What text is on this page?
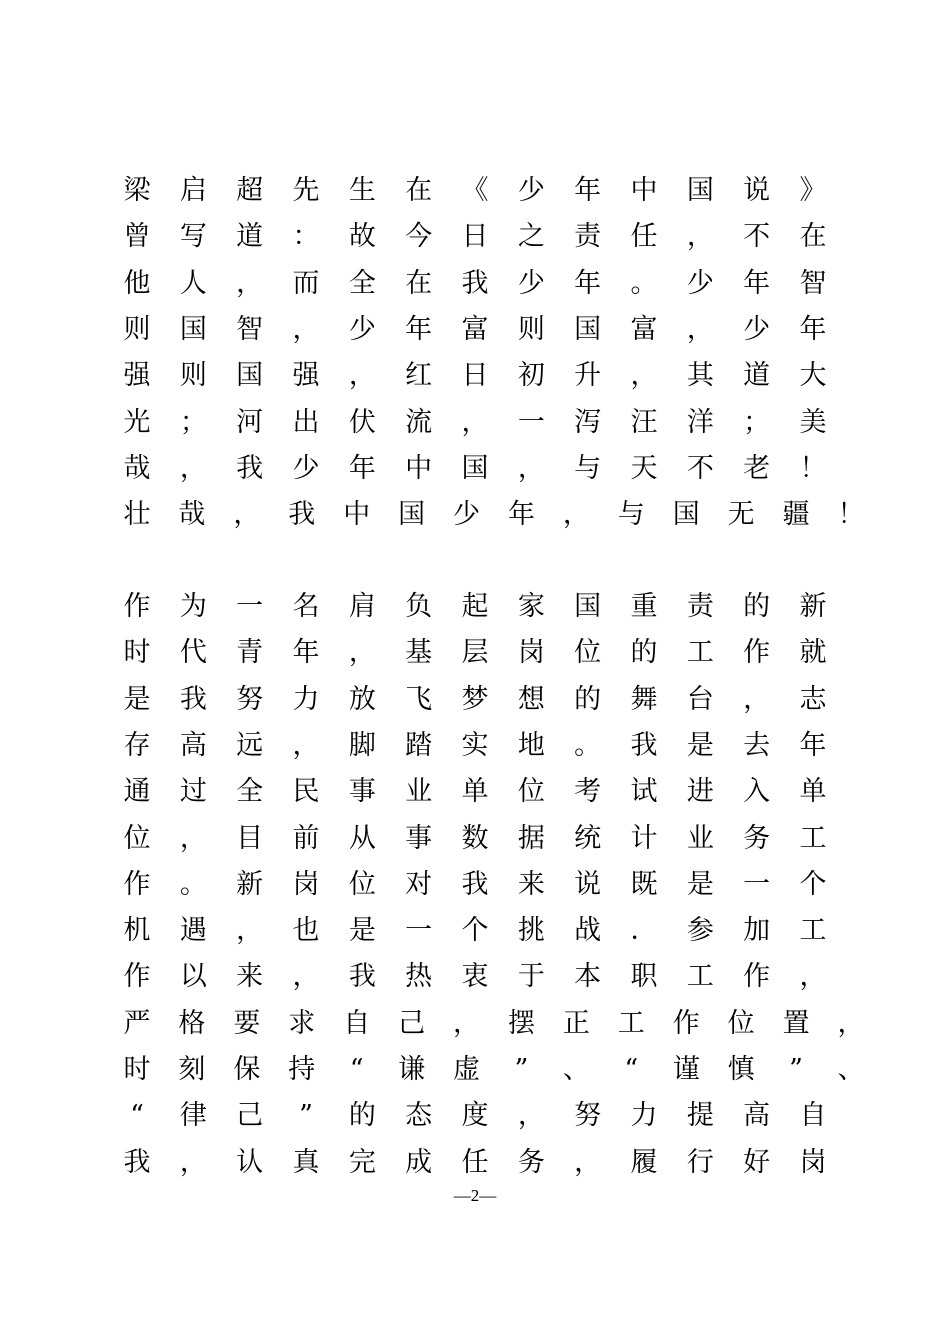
梁 启 超 先 生 在 《 少 年 中 国 说 》
曾 写 道 ： 故 今 日 之 责 任 ， 不 在
他 人 ， 而 全 在 我 少 年 。 少 年 智
则 国 智 ， 少 年 富 则 国 富 ， 少 年
强 则 国 强 ， 红 日 初 升 ， 其 道 大
光 ； 河 出 伏 流 ， 一 泻 汪 洋 ； 美
哉 ， 我 少 年 中 国 ， 与 天 不 老 ！
壮 哉 ， 我 中 国 少 年 ， 与 国 无 疆 ！
作 为 一 名 肩 负 起 家 国 重 责 的 新
时 代 青 年 ， 基 层 岗 位 的 工 作 就
是 我 努 力 放 飞 梦 想 的 舞 台 ， 志
存 高 远 ， 脚 踏 实 地 。 我 是 去 年
通 过 全 民 事 业 单 位 考 试 进 入 单
位 ， 目 前 从 事 数 据 统 计 业 务 工
作 。 新 岗 位 对 我 来 说 既 是 一 个
机 遇 ， 也 是 一 个 挑 战 ． 参 加 工
作 以 来 ， 我 热 衷 于 本 职 工 作 ，
严 格 要 求 自 己 ， 摆 正 工 作 位 置 ，
时 刻 保 持 “ 谦 虚 ” 、 “ 谨 慎 ” 、
“ 律 己 ” 的 态 度 ， 努 力 提 高 自
我 ， 认 真 完 成 任 务 ， 履 行 好 岗
—2—
